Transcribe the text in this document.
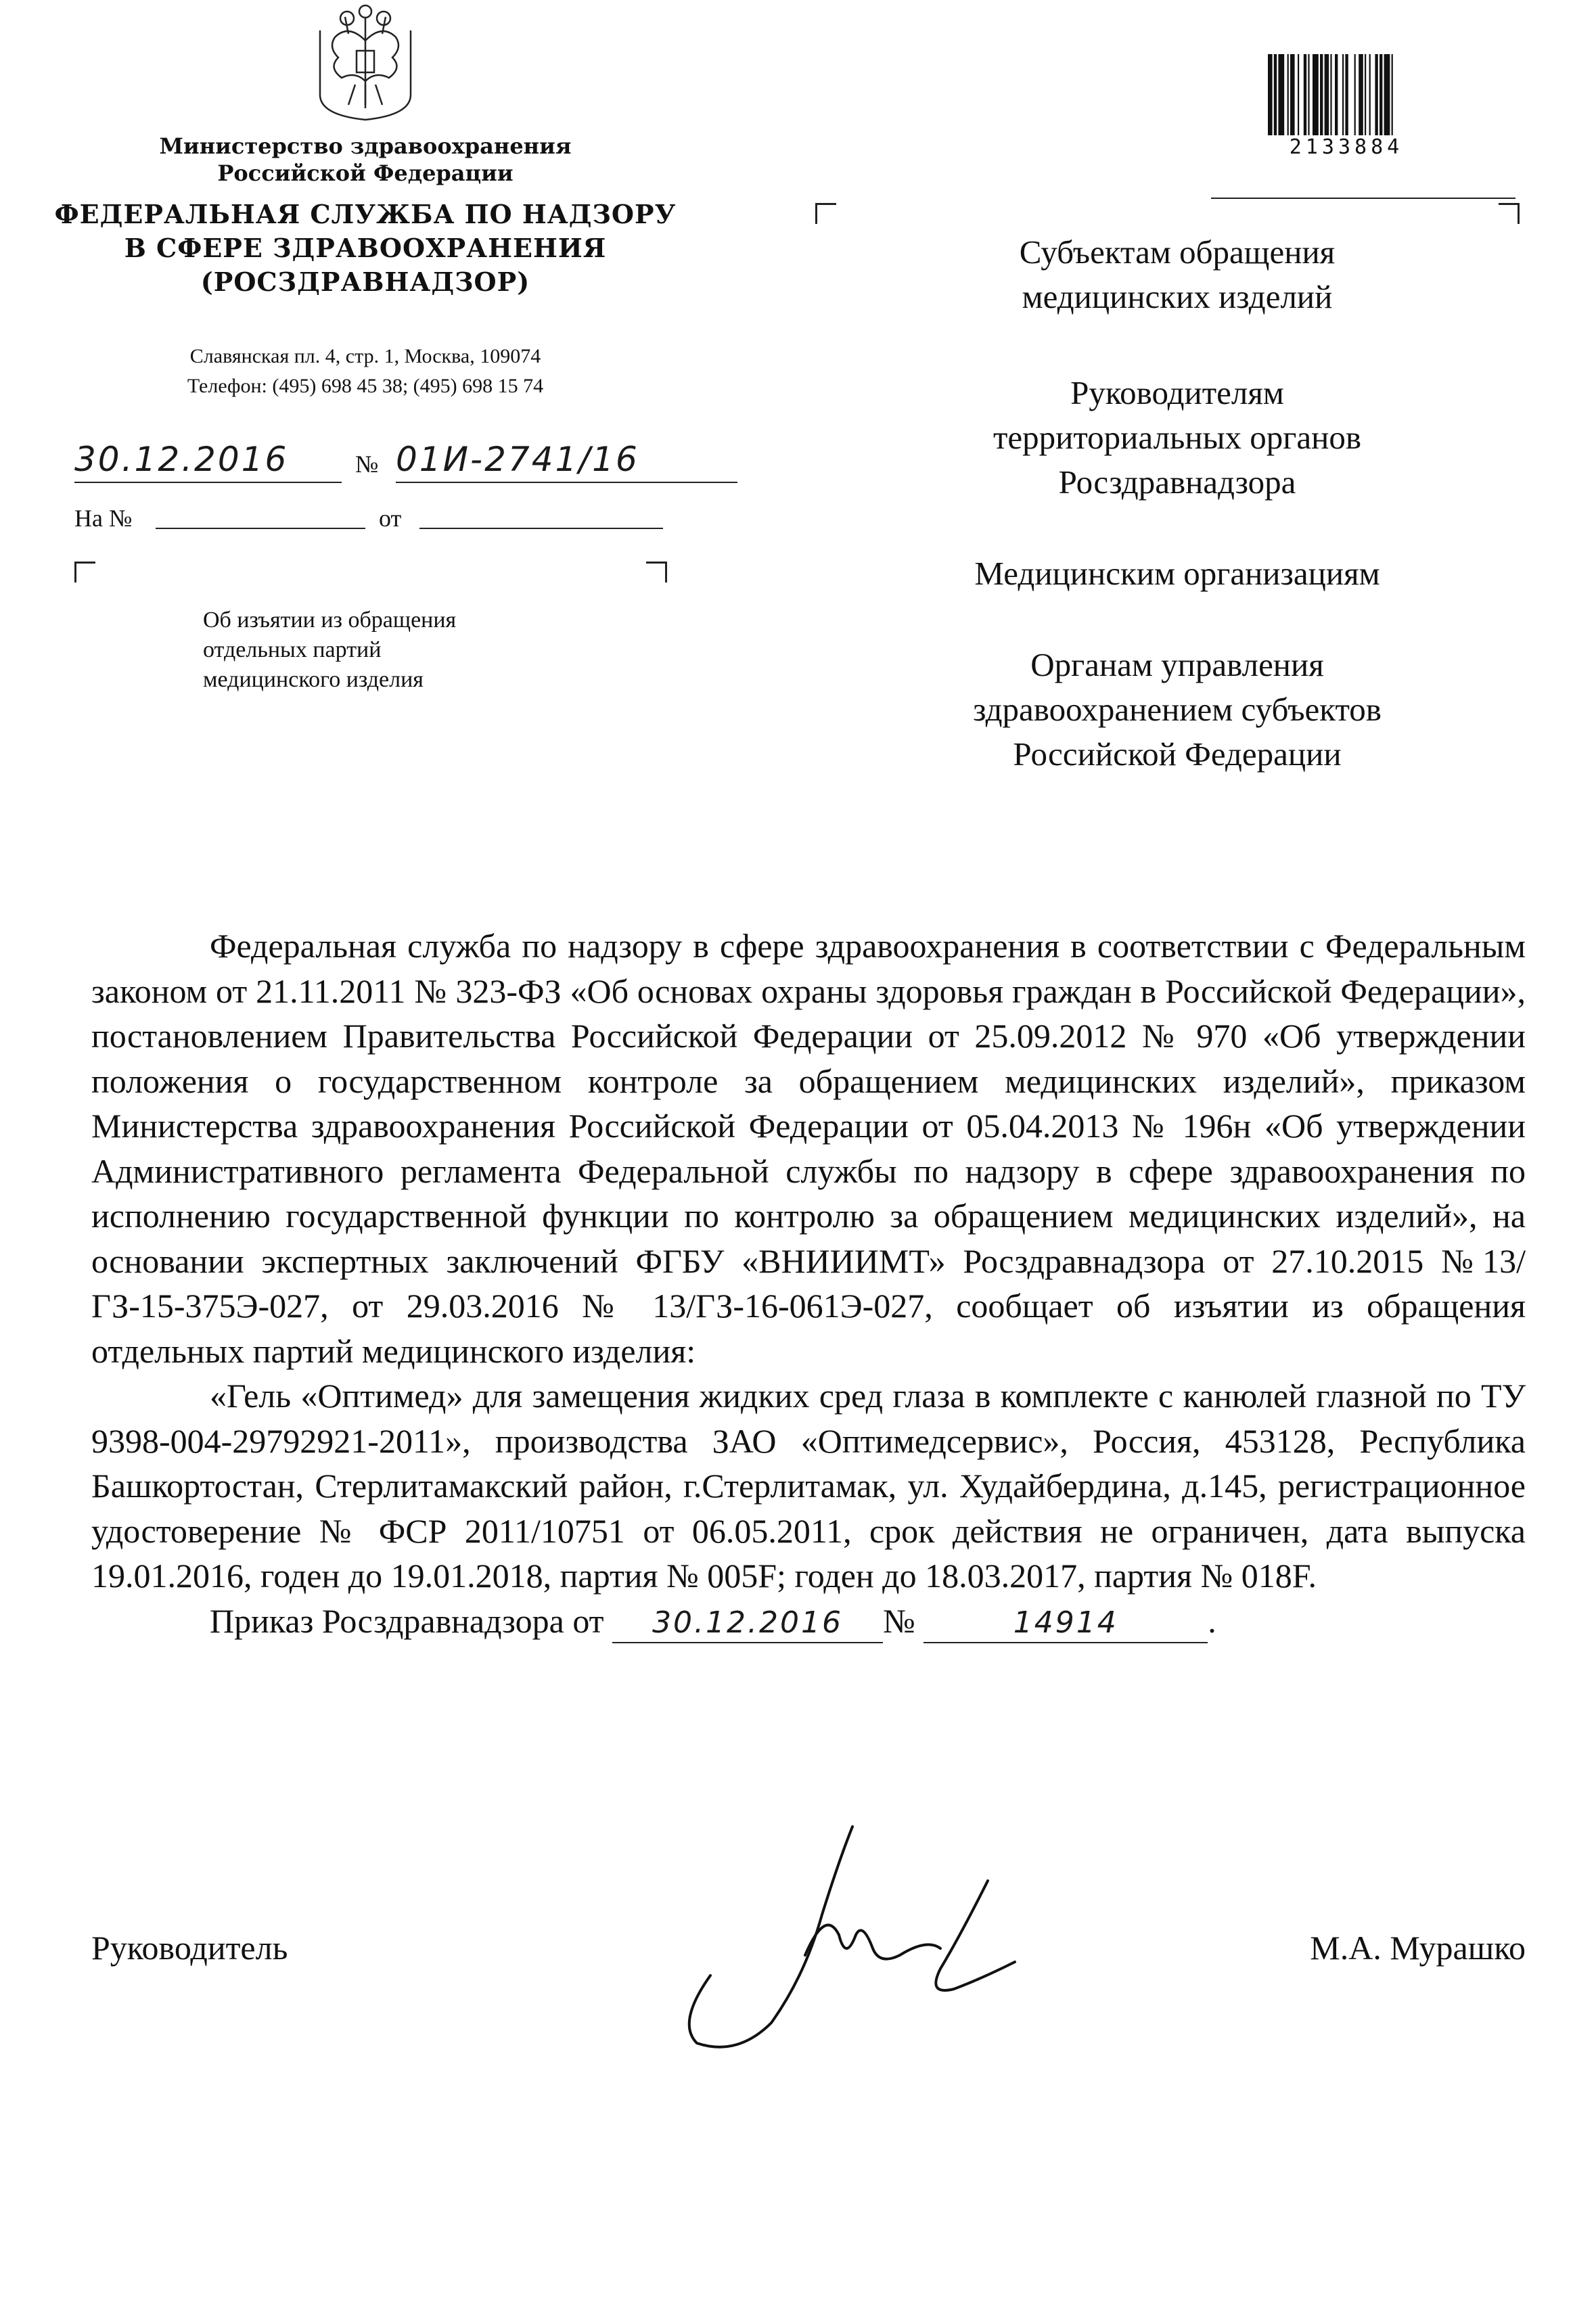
Министерство здравоохранения
Российской Федерации
ФЕДЕРАЛЬНАЯ СЛУЖБА ПО НАДЗОРУ
В СФЕРЕ ЗДРАВООХРАНЕНИЯ
(РОСЗДРАВНАДЗОР)
Славянская пл. 4, стр. 1, Москва, 109074
Телефон: (495) 698 45 38; (495) 698 15 74
30.12.2016	№ 01И-2741/16
На №	от
Об изъятии из обращения
отдельных партий
медицинского изделия
2133884
Субъектам обращения
медицинских изделий
Руководителям
территориальных органов
Росздравнадзора
Медицинским организациям
Органам управления
здравоохранением субъектов
Российской Федерации

Федеральная служба по надзору в сфере здравоохранения в соответствии с Федеральным законом от 21.11.2011 № 323-ФЗ «Об основах охраны здоровья граждан в Российской Федерации», постановлением Правительства Российской Федерации от 25.09.2012 № 970 «Об утверждении положения о государственном контроле за обращением медицинских изделий», приказом Министерства здравоохранения Российской Федерации от 05.04.2013 № 196н «Об утверждении Административного регламента Федеральной службы по надзору в сфере здравоохранения по исполнению государственной функции по контролю за обращением медицинских изделий», на основании экспертных заключений ФГБУ «ВНИИИМТ» Росздравнадзора от 27.10.2015 №13/ГЗ-15-375Э-027, от 29.03.2016 № 13/ГЗ-16-061Э-027, сообщает об изъятии из обращения отдельных партий медицинского изделия:

«Гель «Оптимед» для замещения жидких сред глаза в комплекте с канюлей глазной по ТУ 9398-004-29792921-2011», производства ЗАО «Оптимедсервис», Россия, 453128, Республика Башкортостан, Стерлитамакский район, г.Стерлитамак, ул. Худайбердина, д.145, регистрационное удостоверение № ФСР 2011/10751 от 06.05.2011, срок действия не ограничен, дата выпуска 19.01.2016, годен до 19.01.2018, партия № 005F; годен до 18.03.2017, партия № 018F.

Приказ Росздравнадзора от 30.12.2016 №	14914	.

Руководитель	М.А. Мурашко
